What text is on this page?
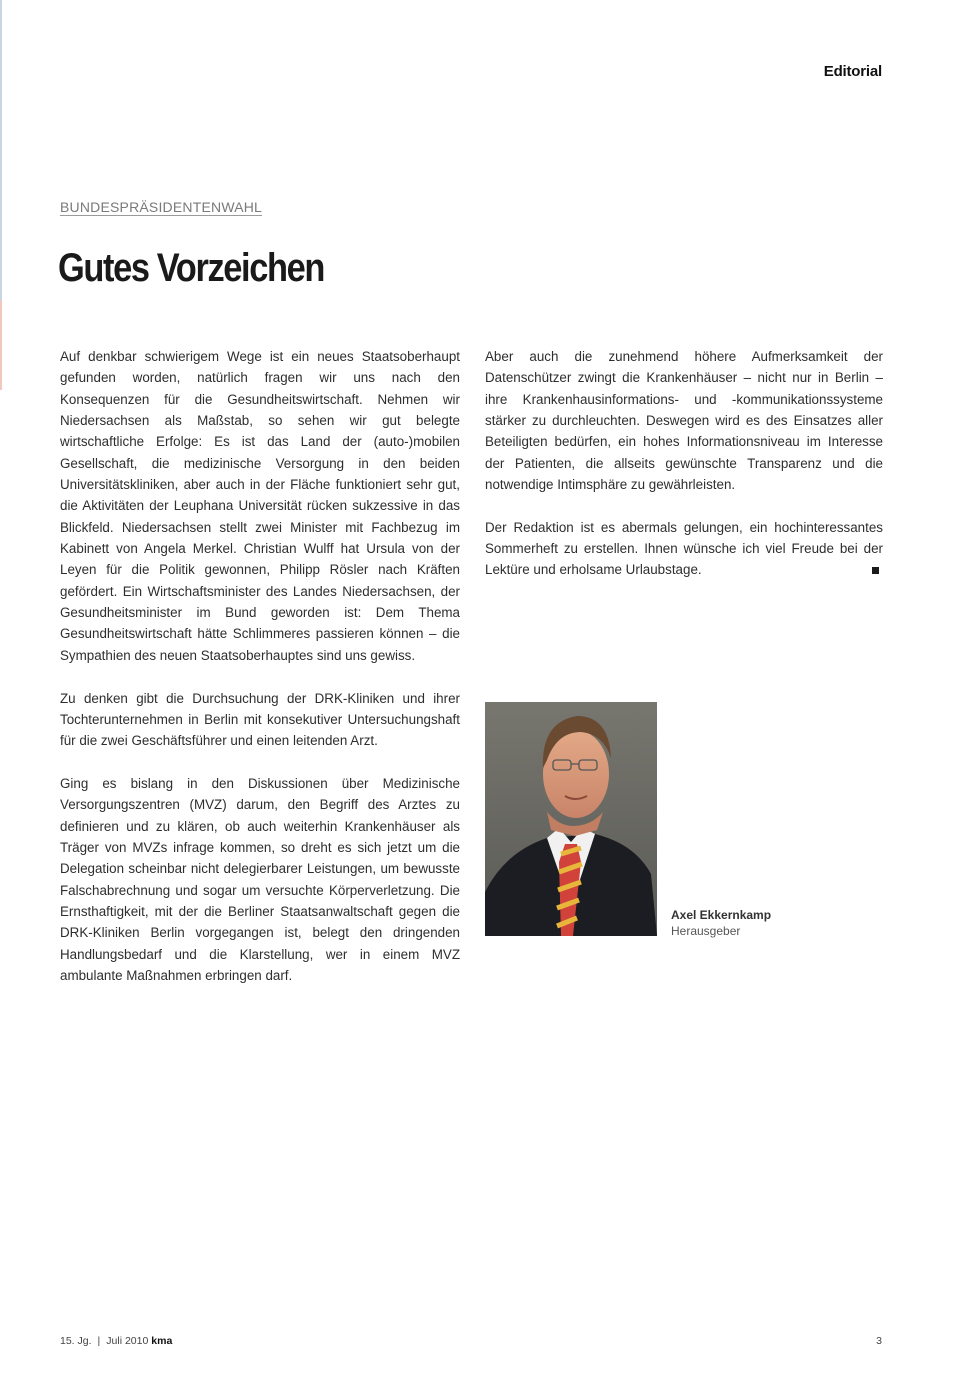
Editorial
BUNDESPRÄSIDENTENWAHL
Gutes Vorzeichen

Auf denkbar schwierigem Wege ist ein neues Staatsoberhaupt gefunden worden, natürlich fragen wir uns nach den Konsequenzen für die Gesundheitswirtschaft. Nehmen wir Niedersachsen als Maßstab, so sehen wir gut belegte wirtschaftliche Erfolge: Es ist das Land der (auto-)mobilen Gesellschaft, die medizinische Versorgung in den beiden Universitätskliniken, aber auch in der Fläche funktioniert sehr gut, die Aktivitäten der Leuphana Universität rücken sukzessive in das Blickfeld. Niedersachsen stellt zwei Minister mit Fachbezug im Kabinett von Angela Merkel. Christian Wulff hat Ursula von der Leyen für die Politik gewonnen, Philipp Rösler nach Kräften gefördert. Ein Wirtschaftsminister des Landes Niedersachsen, der Gesundheitsminister im Bund geworden ist: Dem Thema Gesundheitswirtschaft hätte Schlimmeres passieren können – die Sympathien des neuen Staatsoberhauptes sind uns gewiss.

Zu denken gibt die Durchsuchung der DRK-Kliniken und ihrer Tochterunternehmen in Berlin mit konsekutiver Untersuchungshaft für die zwei Geschäftsführer und einen leitenden Arzt.

Ging es bislang in den Diskussionen über Medizinische Versorgungszentren (MVZ) darum, den Begriff des Arztes zu definieren und zu klären, ob auch weiterhin Krankenhäuser als Träger von MVZs infrage kommen, so dreht es sich jetzt um die Delegation scheinbar nicht delegierbarer Leistungen, um bewusste Falschabrechnung und sogar um versuchte Körperverletzung. Die Ernsthaftigkeit, mit der die Berliner Staatsanwaltschaft gegen die DRK-Kliniken Berlin vorgegangen ist, belegt den dringenden Handlungsbedarf und die Klarstellung, wer in einem MVZ ambulante Maßnahmen erbringen darf.

Aber auch die zunehmend höhere Aufmerksamkeit der Datenschützer zwingt die Krankenhäuser – nicht nur in Berlin – ihre Krankenhausinformations- und -kommunikationssysteme stärker zu durchleuchten. Deswegen wird es des Einsatzes aller Beteiligten bedürfen, ein hohes Informationsniveau im Interesse der Patienten, die allseits gewünschte Transparenz und die notwendige Intimsphäre zu gewährleisten.

Der Redaktion ist es abermals gelungen, ein hochinteressantes Sommerheft zu erstellen. Ihnen wünsche ich viel Freude bei der Lektüre und erholsame Urlaubstage.

Axel Ekkernkamp
Herausgeber
15. Jg. | Juli 2010 kma	3
